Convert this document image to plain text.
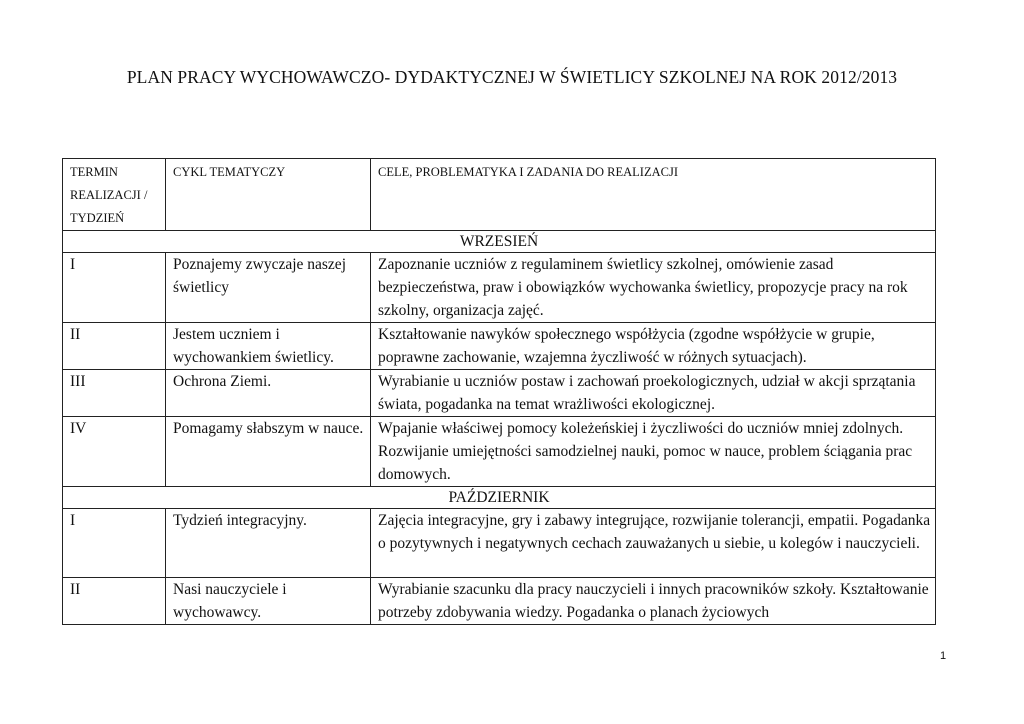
PLAN PRACY WYCHOWAWCZO- DYDAKTYCZNEJ W ŚWIETLICY SZKOLNEJ NA ROK 2012/2013
TERMIN REALIZACJI / TYDZIEŃ	CYKL TEMATYCZY	CELE, PROBLEMATYKA I ZADANIA DO REALIZACJI
WRZESIEŃ		
I	Poznajemy zwyczaje naszej świetlicy	Zapoznanie uczniów z regulaminem świetlicy szkolnej, omówienie zasad bezpieczeństwa, praw i obowiązków wychowanka świetlicy, propozycje pracy na rok szkolny, organizacja zajęć.
II	Jestem uczniem i wychowankiem świetlicy.	Kształtowanie nawyków społecznego współżycia (zgodne współżycie w grupie, poprawne zachowanie, wzajemna życzliwość w różnych sytuacjach).
III	Ochrona Ziemi.	Wyrabianie u uczniów postaw i zachowań proekologicznych, udział w akcji sprzątania świata, pogadanka na temat wrażliwości ekologicznej.
IV	Pomagamy słabszym w nauce.	Wpajanie właściwej pomocy koleżeńskiej i życzliwości do uczniów mniej zdolnych. Rozwijanie umiejętności samodzielnej nauki, pomoc w nauce, problem ściągania prac domowych.
PAŹDZIERNIK		
I	Tydzień integracyjny.	Zajęcia integracyjne, gry i zabawy integrujące, rozwijanie tolerancji, empatii. Pogadanka o pozytywnych i negatywnych cechach zauważanych u siebie, u kolegów i nauczycieli.
II	Nasi nauczyciele i wychowawcy.	Wyrabianie szacunku dla pracy nauczycieli i innych pracowników szkoły. Kształtowanie potrzeby zdobywania wiedzy. Pogadanka o planach życiowych
1
